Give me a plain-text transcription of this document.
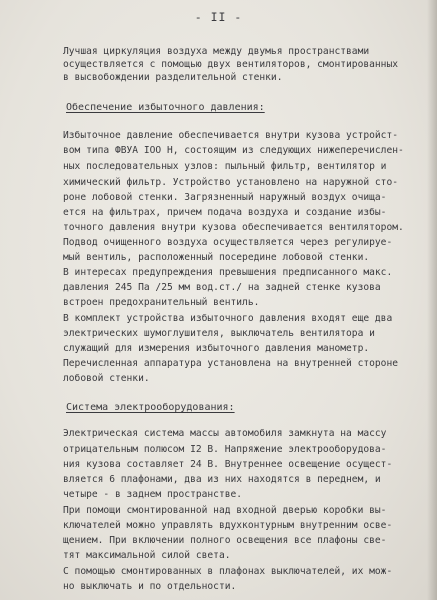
- II -
Лучшая циркуляция воздуха между двумья пространствами
осуществляется с помощью двух вентиляторов, смонтированных
в высвобождении разделительной стенки.
Обеспечение избыточного давления:
Избыточное давление обеспечивается внутри кузова устройст-
вом типа ФВУА IOO Н, состоящим из следующих нижеперечислен-
ных последовательных узлов: пыльный фильтр, вентилятор и
химический фильтр. Устройство установлено на наружной сто-
роне лобовой стенки. Загрязненный наружный воздух очища-
ется на фильтрах, причем подача воздуха и создание избы-
точного давления внутри кузова обеспечивается вентилятором.
Подвод очищенного воздуха осуществляется через регулируе-
мый вентиль, расположенный посередине лобовой стенки.
В интересах предупреждения превышения предписанного макс.
давления 245 Па /25 мм вод.ст./ на задней стенке кузова
встроен предохранительный вентиль.
В комплект устройства избыточного давления входят еще два
электрических шумоглушителя, выключатель вентилятора и
служащий для измерения избыточного давления манометр.
Перечисленная аппаратура установлена на внутренней стороне
лобовой стенки.
Система электрооборудования:
Электрическая система массы автомобиля замкнута на массу
отрицательным полюсом I2 В. Напряжение электрооборудова-
ния кузова составляет 24 В. Внутреннее освещение осущест-
вляется 6 плафонами, два из них находятся в переднем, и
четыре - в заднем пространстве.
При помощи смонтированной над входной дверью коробки вы-
ключателей можно управлять вдухконтурным внутренним осве-
щением. При включении полного освещения все плафоны све-
тят максимальной силой света.
С помощью смонтированных в плафонах выключателей, их мож-
но выключать и по отдельности.
